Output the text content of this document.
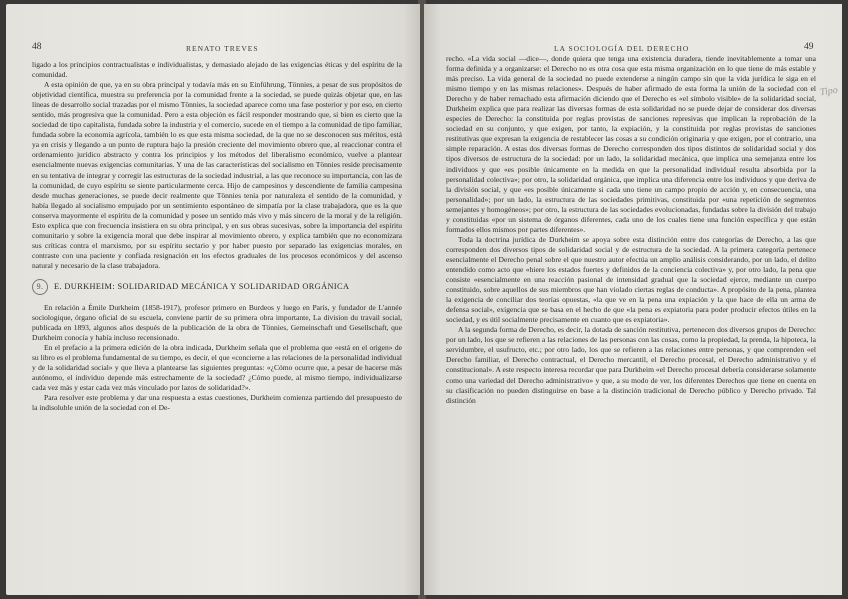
48	RENATO TREVES

ligado a los principios contractualistas e individualistas, y demasiado alejado de las exigencias éticas y del espíritu de la comunidad.

A esta opinión de que, ya en su obra principal y todavía más en su Einführung, Tönnies, a pesar de sus propósitos de objetividad científica, muestra su preferencia por la comunidad frente a la sociedad, se puede quizás objetar que, en las líneas de desarrollo social trazadas por el mismo Tönnies, la sociedad aparece como una fase posterior y por eso, en cierto sentido, más progresiva que la comunidad. Pero a esta objeción es fácil responder mostrando que, si bien es cierto que la sociedad de tipo capitalista, fundada sobre la industria y el comercio, sucede en el tiempo a la comunidad de tipo familiar, fundada sobre la economía agrícola, también lo es que esta misma sociedad, de la que no se desconocen sus méritos, está ya en crisis y llegando a un punto de ruptura bajo la presión creciente del movimiento obrero que, al reaccionar contra el ordenamiento jurídico abstracto y contra los principios y los métodos del liberalismo económico, vuelve a plantear esencialmente nuevas exigencias comunitarias. Y una de las características del socialismo en Tönnies reside precisamente en su tentativa de integrar y corregir las estructuras de la sociedad industrial, a las que reconoce su importancia, con las de la comunidad, de cuyo espíritu se siente particularmente cerca. Hijo de campesinos y descendiente de familia campesina desde muchas generaciones, se puede decir realmente que Tönnies tenía por naturaleza el sentido de la comunidad, y había llegado al socialismo empujado por un sentimiento espontáneo de simpatía por la clase trabajadora, que es la que conserva mayormente el espíritu de la comunidad y posee un sentido más vivo y más sincero de la moral y de la religión. Esto explica que con frecuencia insistiera en su obra principal, y en sus obras sucesivas, sobre la importancia del espíritu comunitario y sobre la exigencia moral que debe inspirar al movimiento obrero, y explica también que no economizara sus críticas contra el marxismo, por su espíritu sectario y por haber puesto por separado las exigencias morales, en contraste con una paciente y confiada resignación en los efectos graduales de los procesos económicos y del ascenso natural y necesario de la clase trabajadora.

9. E. DURKHEIM: SOLIDARIDAD MECÁNICA Y SOLIDARIDAD ORGÁNICA

En relación a Émile Durkheim (1858-1917), profesor primero en Burdeos y luego en París, y fundador de L'année sociologique, órgano oficial de su escuela, conviene partir de su primera obra importante, La division du travail social, publicada en 1893, algunos años después de la publicación de la obra de Tönnies, Gemeinschaft und Gesellschaft, que Durkheim conocía y había incluso recensionado.

En el prefacio a la primera edición de la obra indicada, Durkheim señala que el problema que «está en el origen» de su libro es el problema fundamental de su tiempo, es decir, el que «concierne a las relaciones de la personalidad individual y de la solidaridad social» y que lleva a plantearse las siguientes preguntas: «¿Cómo ocurre que, a pesar de hacerse más autónomo, el individuo depende más estrechamente de la sociedad? ¿Cómo puede, al mismo tiempo, individualizarse cada vez más y estar cada vez más vinculado por lazos de solidaridad?».

Para resolver este problema y dar una respuesta a estas cuestiones, Durkheim comienza partiendo del presupuesto de la indisoluble unión de la sociedad con el De-

LA SOCIOLOGÍA DEL DERECHO	49
Tipo

recho. «La vida social —dice—, donde quiera que tenga una existencia duradera, tiende inevitablemente a tomar una forma definida y a organizarse: el Derecho no es otra cosa que esta misma organización en lo que tiene de más estable y más preciso. La vida general de la sociedad no puede extenderse a ningún campo sin que la vida jurídica le siga en el mismo tiempo y en las mismas relaciones». Después de haber afirmado de esta forma la unión de la sociedad con el Derecho y de haber remachado esta afirmación diciendo que el Derecho es «el símbolo visible» de la solidaridad social, Durkheim explica que para realizar las diversas formas de esta solidaridad no se puede dejar de considerar dos diversas especies de Derecho: la constituida por reglas provistas de sanciones represivas que implican la reprobación de la sociedad en su conjunto, y que exigen, por tanto, la expiación, y la constituida por reglas provistas de sanciones restitutivas que expresan la exigencia de restablecer las cosas a su condición originaria y que exigen, por el contrario, una simple reparación. A estas dos diversas formas de Derecho corresponden dos tipos distintos de solidaridad social y dos tipos diversos de estructura de la sociedad: por un lado, la solidaridad mecánica, que implica una semejanza entre los individuos y que «es posible únicamente en la medida en que la personalidad individual resulta absorbida por la personalidad colectiva»; por otro, la solidaridad orgánica, que implica una diferencia entre los individuos y que deriva de la división social, y que «es posible únicamente si cada uno tiene un campo propio de acción y, en consecuencia, una personalidad»; por un lado, la estructura de las sociedades primitivas, constituida por «una repetición de segmentos semejantes y homogéneos»; por otro, la estructura de las sociedades evolucionadas, fundadas sobre la división del trabajo y constituidas «por un sistema de órganos diferentes, cada uno de los cuales tiene una función específica y que están formados ellos mismos por partes diferentes».

Toda la doctrina jurídica de Durkheim se apoya sobre esta distinción entre dos categorías de Derecho, a las que corresponden dos diversos tipos de solidaridad social y de estructura de la sociedad. A la primera categoría pertenece esencialmente el Derecho penal sobre el que nuestro autor efectúa un amplio análisis considerando, por un lado, el delito entendido como acto que «hiere los estados fuertes y definidos de la conciencia colectiva» y, por otro lado, la pena que consiste «esencialmente en una reacción pasional de intensidad gradual que la sociedad ejerce, mediante un cuerpo constituido, sobre aquellos de sus miembros que han violado ciertas reglas de conducta». A propósito de la pena, plantea la exigencia de conciliar dos teorías opuestas, «la que ve en la pena una expiación y la que hace de ella un arma de defensa social», exigencia que se basa en el hecho de que «la pena es expiatoria para poder producir efectos útiles en la sociedad, y es útil socialmente precisamente en cuanto que es expiatoria».

A la segunda forma de Derecho, es decir, la dotada de sanción restitutiva, pertenecen dos diversos grupos de Derecho: por un lado, los que se refieren a las relaciones de las personas con las cosas, como la propiedad, la prenda, la hipoteca, la servidumbre, el usufructo, etc.; por otro lado, los que se refieren a las relaciones entre personas, y que comprenden «el Derecho familiar, el Derecho contractual, el Derecho mercantil, el Derecho procesal, el Derecho administrativo y el constitucional». A este respecto interesa recordar que para Durkheim «el Derecho procesal debería considerarse solamente como una variedad del Derecho administrativo» y que, a su modo de ver, los diferentes Derechos que tiene en cuenta en su clasificación no pueden distinguirse en base a la distinción tradicional de Derecho público y Derecho privado. Tal distinción
